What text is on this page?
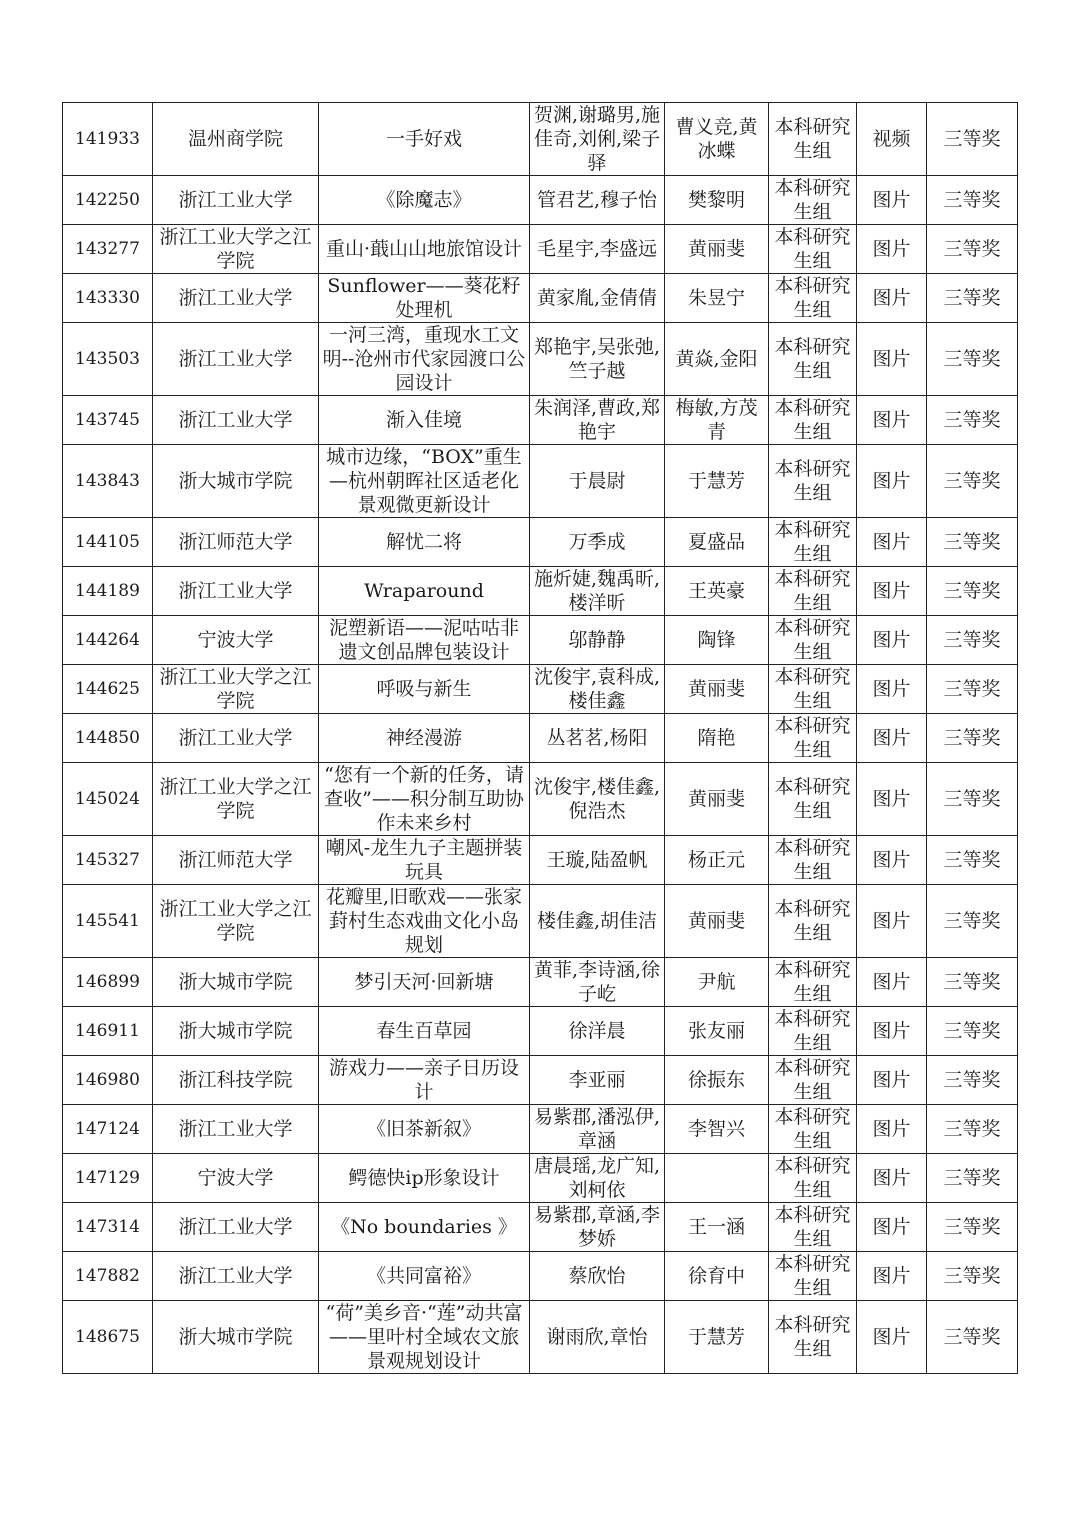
141933	温州商学院	一手好戏	贺渊,谢璐男,施佳奇,刘俐,梁子驿	曹义竞,黄冰蝶	本科研究生组	视频	三等奖
142250	浙江工业大学	《除魔志》	管君艺,穆子怡	樊黎明	本科研究生组	图片	三等奖
143277	浙江工业大学之江学院	重山·蕺山山地旅馆设计	毛星宇,李盛远	黄丽斐	本科研究生组	图片	三等奖
143330	浙江工业大学	Sunflower——葵花籽处理机	黄家胤,金倩倩	朱昱宁	本科研究生组	图片	三等奖
143503	浙江工业大学	一河三湾，重现水工文明--沧州市代家园渡口公园设计	郑艳宇,吴张弛,竺子越	黄焱,金阳	本科研究生组	图片	三等奖
143745	浙江工业大学	渐入佳境	朱润泽,曹政,郑艳宇	梅敏,方茂青	本科研究生组	图片	三等奖
143843	浙大城市学院	城市边缘，“BOX”重生—杭州朝晖社区适老化景观微更新设计	于晨尉	于慧芳	本科研究生组	图片	三等奖
144105	浙江师范大学	解忧二将	万季成	夏盛品	本科研究生组	图片	三等奖
144189	浙江工业大学	Wraparound	施炘婕,魏禹昕,楼洋昕	王英豪	本科研究生组	图片	三等奖
144264	宁波大学	泥塑新语——泥咕咕非遗文创品牌包装设计	邬静静	陶锋	本科研究生组	图片	三等奖
144625	浙江工业大学之江学院	呼吸与新生	沈俊宇,袁科成,楼佳鑫	黄丽斐	本科研究生组	图片	三等奖
144850	浙江工业大学	神经漫游	丛茗茗,杨阳	隋艳	本科研究生组	图片	三等奖
145024	浙江工业大学之江学院	“您有一个新的任务，请查收”——积分制互助协作未来乡村	沈俊宇,楼佳鑫,倪浩杰	黄丽斐	本科研究生组	图片	三等奖
145327	浙江师范大学	嘲风-龙生九子主题拼装玩具	王璇,陆盈帆	杨正元	本科研究生组	图片	三等奖
145541	浙江工业大学之江学院	花瓣里,旧歌戏——张家葑村生态戏曲文化小岛规划	楼佳鑫,胡佳洁	黄丽斐	本科研究生组	图片	三等奖
146899	浙大城市学院	梦引天河·回新塘	黄菲,李诗涵,徐子屹	尹航	本科研究生组	图片	三等奖
146911	浙大城市学院	春生百草园	徐洋晨	张友丽	本科研究生组	图片	三等奖
146980	浙江科技学院	游戏力——亲子日历设计	李亚丽	徐振东	本科研究生组	图片	三等奖
147124	浙江工业大学	《旧茶新叙》	易紫郡,潘泓伊,章涵	李智兴	本科研究生组	图片	三等奖
147129	宁波大学	鳄德快ip形象设计	唐晨瑶,龙广知,刘柯依		本科研究生组	图片	三等奖
147314	浙江工业大学	《No boundaries 》	易紫郡,章涵,李梦娇	王一涵	本科研究生组	图片	三等奖
147882	浙江工业大学	《共同富裕》	蔡欣怡	徐育中	本科研究生组	图片	三等奖
148675	浙大城市学院	“荷”美乡音·“莲”动共富——里叶村全域农文旅景观规划设计	谢雨欣,章怡	于慧芳	本科研究生组	图片	三等奖
